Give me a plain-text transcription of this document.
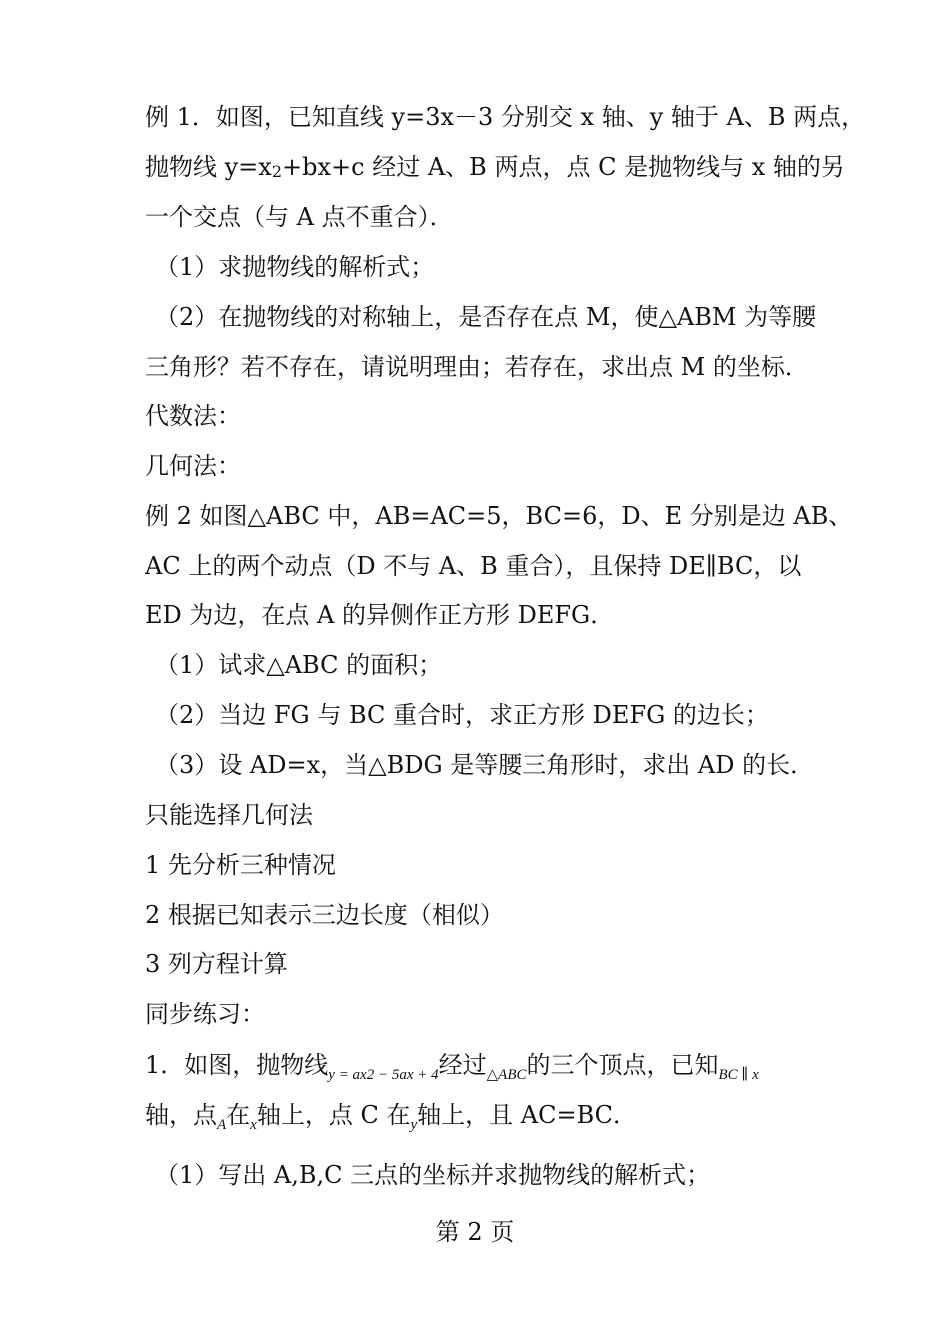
例 1．如图，已知直线 y=3x－3 分别交 x 轴、y 轴于 A、B 两点，
抛物线 y=x2+bx+c 经过 A、B 两点，点 C 是抛物线与 x 轴的另
一个交点（与 A 点不重合）．
（1）求抛物线的解析式；
（2）在抛物线的对称轴上，是否存在点 M，使△ABM 为等腰
三角形？若不存在，请说明理由；若存在，求出点 M 的坐标．
代数法：
几何法：
例 2 如图△ABC 中，AB=AC=5，BC=6，D、E 分别是边 AB、
AC 上的两个动点（D 不与 A、B 重合），且保持 DE∥BC，以
ED 为边，在点 A 的异侧作正方形 DEFG．
（1）试求△ABC 的面积；
（2）当边 FG 与 BC 重合时，求正方形 DEFG 的边长；
（3）设 AD=x，当△BDG 是等腰三角形时，求出 AD 的长．
只能选择几何法
1 先分析三种情况
2 根据已知表示三边长度（相似）
3 列方程计算
同步练习：
1．如图，抛物线$_{y = ax2 - 5ax + 4}$经过$_{\triangle ABC}$的三个顶点，已知$_{BC \parallel x}$
轴，点$_A$在$_x$轴上，点 C 在$_y$轴上，且 AC=BC．
（1）写出 A,B,C 三点的坐标并求抛物线的解析式；
第 2 页
